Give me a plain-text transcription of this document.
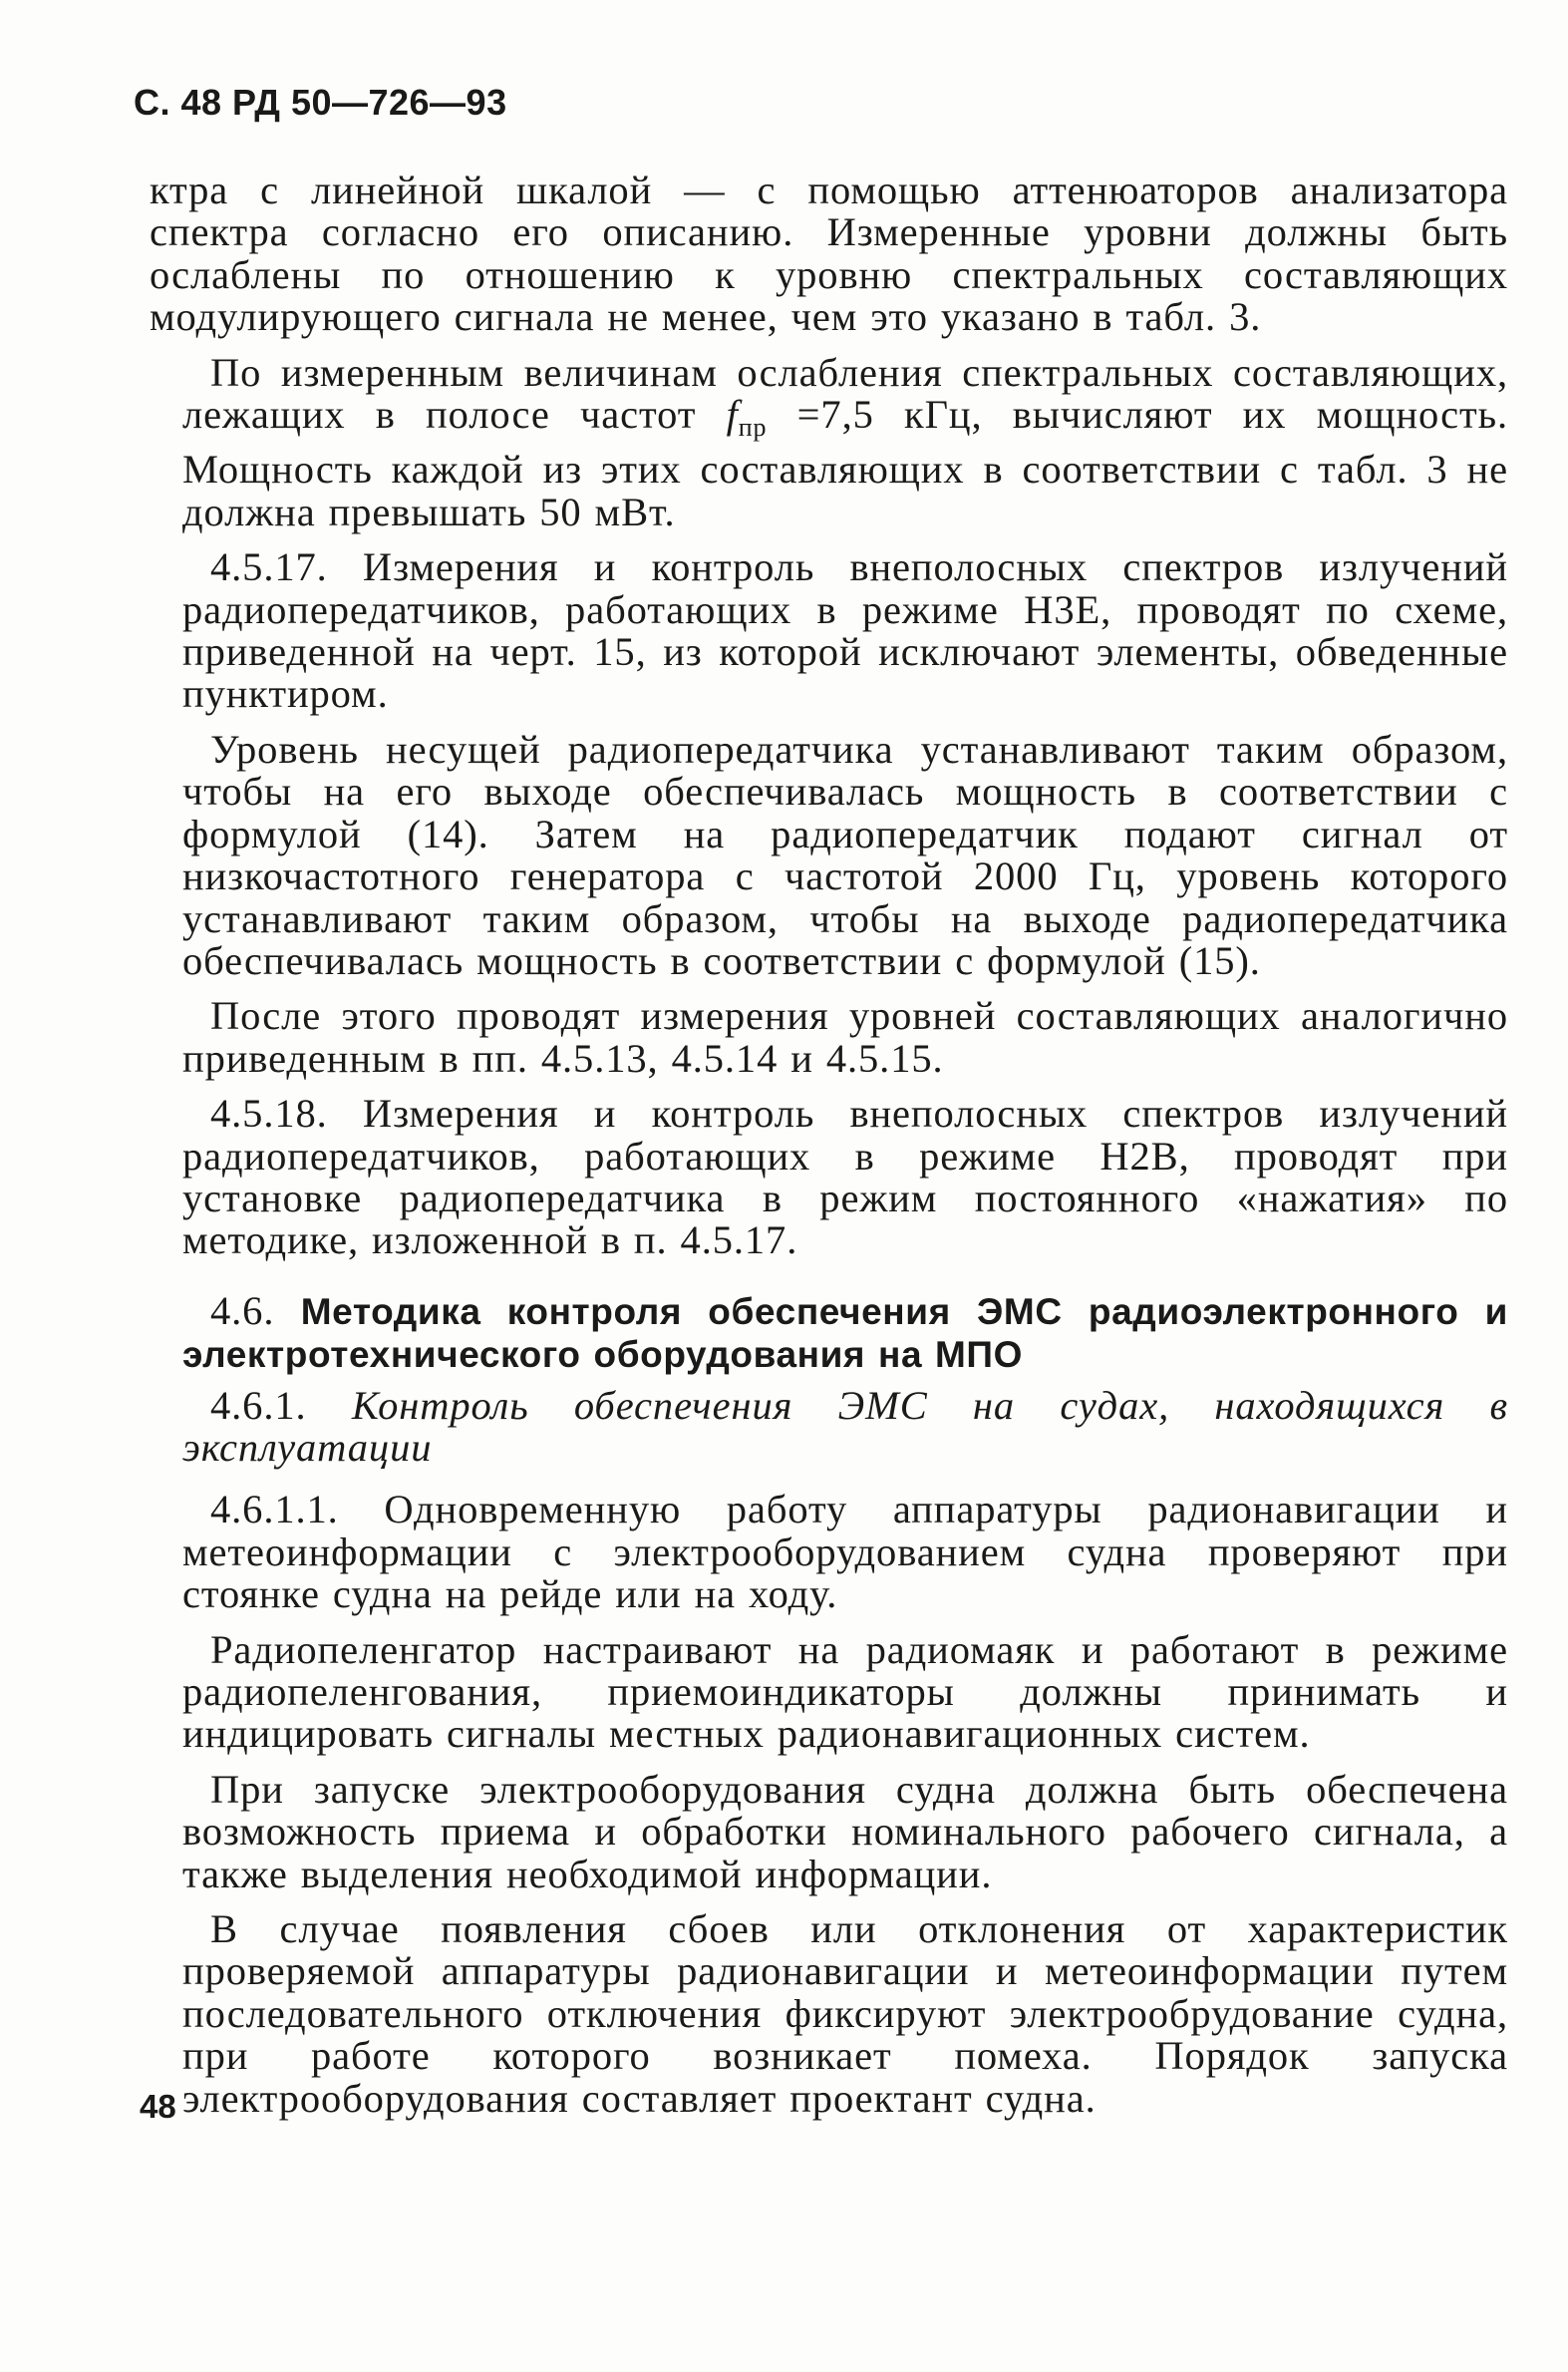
С. 48 РД 50—726—93

ктра с линейной шкалой — с помощью аттенюаторов анализатора спектра согласно его описанию. Измеренные уровни должны быть ослаблены по отношению к уровню спектральных составляющих модулирующего сигнала не менее, чем это указано в табл. 3.

По измеренным величинам ослабления спектральных составляющих, лежащих в полосе частот $f_{пр} =7,5$ кГц, вычисляют их мощность. Мощность каждой из этих составляющих в соответствии с табл. 3 не должна превышать 50 мВт.

4.5.17. Измерения и контроль внеполосных спектров излучений радиопередатчиков, работающих в режиме Н3Е, проводят по схеме, приведенной на черт. 15, из которой исключают элементы, обведенные пунктиром.

Уровень несущей радиопередатчика устанавливают таким образом, чтобы на его выходе обеспечивалась мощность в соответствии с формулой (14). Затем на радиопередатчик подают сигнал от низкочастотного генератора с частотой 2000 Гц, уровень которого устанавливают таким образом, чтобы на выходе радиопередатчика обеспечивалась мощность в соответствии с формулой (15).

После этого проводят измерения уровней составляющих аналогично приведенным в пп. 4.5.13, 4.5.14 и 4.5.15.

4.5.18. Измерения и контроль внеполосных спектров излучений радиопередатчиков, работающих в режиме Н2В, проводят при установке радиопередатчика в режим постоянного «нажатия» по методике, изложенной в п. 4.5.17.

4.6. Методика контроля обеспечения ЭМС радиоэлектронного и электротехнического оборудования на МПО

4.6.1. Контроль обеспечения ЭМС на судах, находящихся в эксплуатации

4.6.1.1. Одновременную работу аппаратуры радионавигации и метеоинформации с электрооборудованием судна проверяют при стоянке судна на рейде или на ходу.

Радиопеленгатор настраивают на радиомаяк и работают в режиме радиопеленгования, приемоиндикаторы должны принимать и индицировать сигналы местных радионавигационных систем.

При запуске электрооборудования судна должна быть обеспечена возможность приема и обработки номинального рабочего сигнала, а также выделения необходимой информации.

В случае появления сбоев или отклонения от характеристик проверяемой аппаратуры радионавигации и метеоинформации путем последовательного отключения фиксируют электрообрудование судна, при работе которого возникает помеха. Порядок запуска электрооборудования составляет проектант судна.

48
